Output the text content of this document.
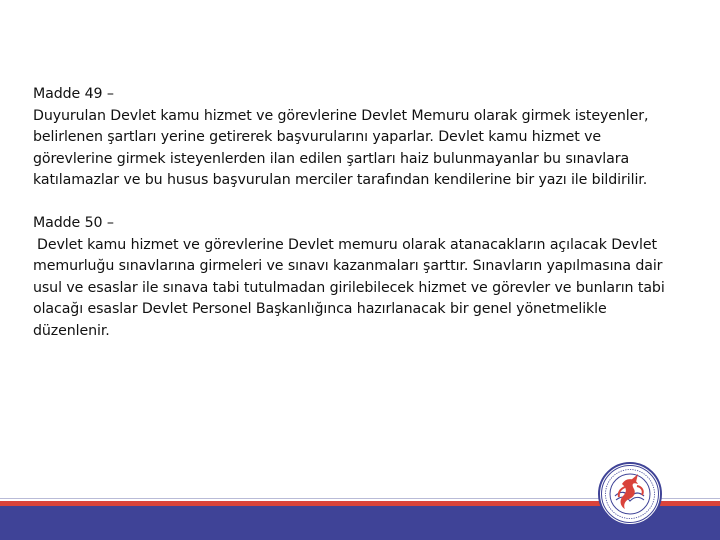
Madde 49 –
Duyurulan Devlet kamu hizmet ve görevlerine Devlet Memuru olarak girmek isteyenler, belirlenen şartları yerine getirerek başvurularını yaparlar. Devlet kamu hizmet ve görevlerine girmek isteyenlerden ilan edilen şartları haiz bulunmayanlar bu sınavlara katılamazlar ve bu husus başvurulan merciler tarafından kendilerine bir yazı ile bildirilir.

Madde 50 –
Devlet kamu hizmet ve görevlerine Devlet memuru olarak atanacakların açılacak Devlet memurluğu sınavlarına girmeleri ve sınavı kazanmaları şarttır. Sınavların yapılmasına dair usul ve esaslar ile sınava tabi tutulmadan girilebilecek hizmet ve görevler ve bunların tabi olacağı esaslar Devlet Personel Başkanlığınca hazırlanacak bir genel yönetmelikle düzenlenir.
